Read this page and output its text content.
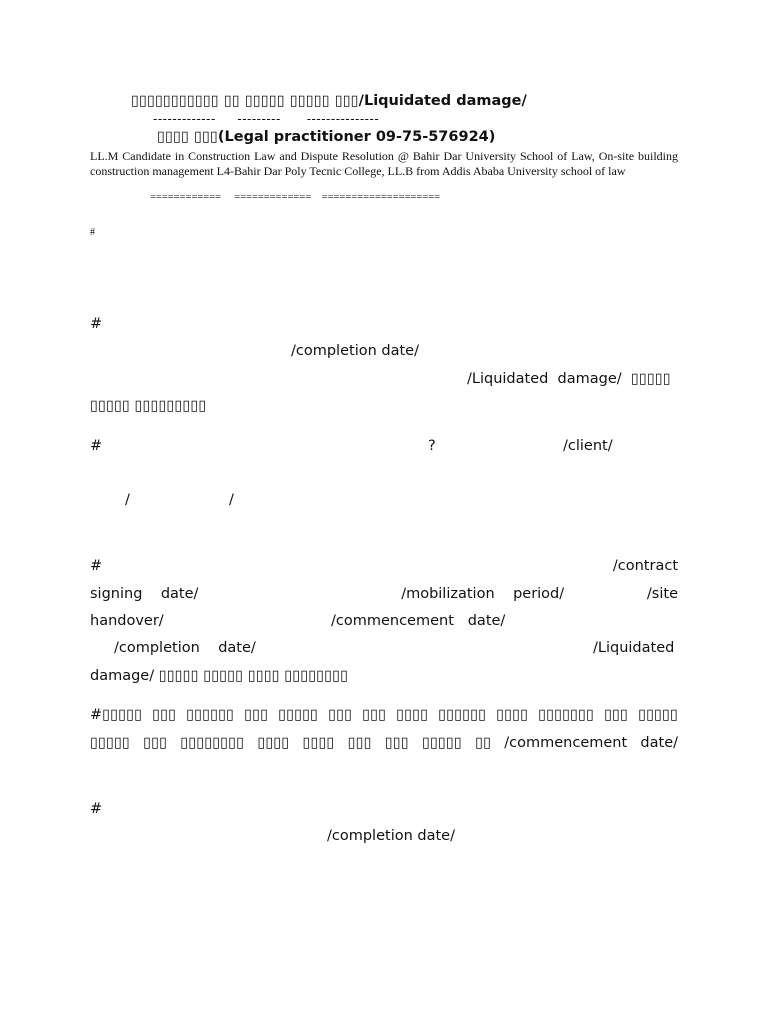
▯▯▯▯▯▯▯▯▯▯▯ ▯▯ ▯▯▯▯▯ ▯▯▯▯▯ ▯▯▯/Liquidated damage/
-------------     ---------      ---------------
▯▯▯▯ ▯▯▯(Legal practitioner 09-75-576924)
LL.M Candidate in Construction Law and Dispute Resolution @ Bahir Dar University School of Law, On-site building construction management L4-Bahir Dar Poly Tecnic College, LL.B from Addis Ababa University school of law
============     =============    ====================
#
#
/completion date/
/Liquidated  damage/  ▯▯▯▯▯
▯▯▯▯▯ ▯▯▯▯▯▯▯▯▯
#	?	/client/
/	/
#	/contract
signing    date/	/mobilization    period/	/site
handover/	/commencement   date/
/completion    date/	/Liquidated
damage/ ▯▯▯▯▯ ▯▯▯▯▯ ▯▯▯▯ ▯▯▯▯▯▯▯▯
#▯▯▯▯▯ ▯▯▯ ▯▯▯▯▯▯ ▯▯▯ ▯▯▯▯▯ ▯▯▯ ▯▯▯ ▯▯▯▯ ▯▯▯▯▯▯ ▯▯▯▯ ▯▯▯▯▯▯▯ ▯▯▯ ▯▯▯▯▯
▯▯▯▯▯ ▯▯▯ ▯▯▯▯▯▯▯▯ ▯▯▯▯ ▯▯▯▯ ▯▯▯ ▯▯▯ ▯▯▯▯▯ ▯▯ /commencement date/
#
/completion date/
